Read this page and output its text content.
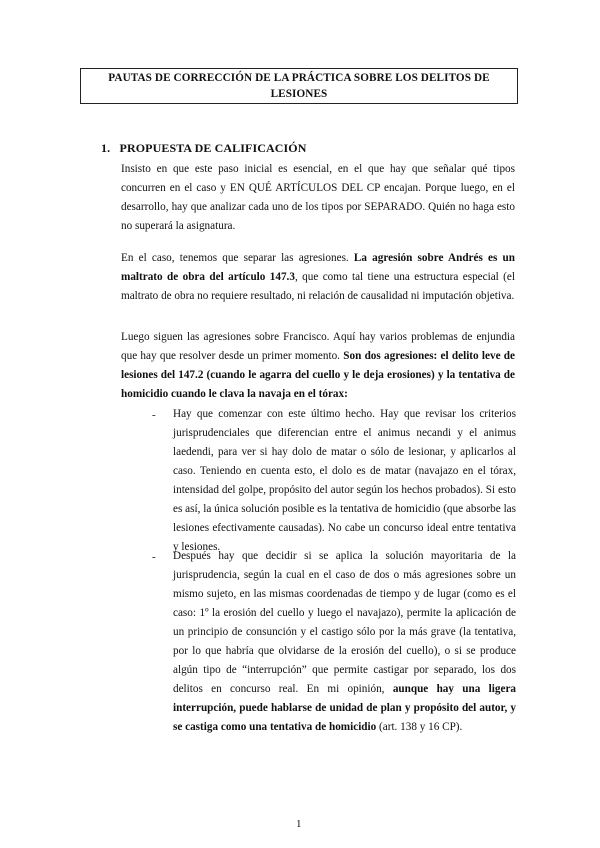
PAUTAS DE CORRECCIÓN DE LA PRÁCTICA SOBRE LOS DELITOS DE
LESIONES
1. PROPUESTA DE CALIFICACIÓN
Insisto en que este paso inicial es esencial, en el que hay que señalar qué tipos concurren en el caso y EN QUÉ ARTÍCULOS DEL CP encajan. Porque luego, en el desarrollo, hay que analizar cada uno de los tipos por SEPARADO. Quién no haga esto no superará la asignatura.
En el caso, tenemos que separar las agresiones. La agresión sobre Andrés es un maltrato de obra del artículo 147.3, que como tal tiene una estructura especial (el maltrato de obra no requiere resultado, ni relación de causalidad ni imputación objetiva.
Luego siguen las agresiones sobre Francisco. Aquí hay varios problemas de enjundia que hay que resolver desde un primer momento. Son dos agresiones: el delito leve de lesiones del 147.2 (cuando le agarra del cuello y le deja erosiones) y la tentativa de homicidio cuando le clava la navaja en el tórax:
- Hay que comenzar con este último hecho. Hay que revisar los criterios jurisprudenciales que diferencian entre el animus necandi y el animus laedendi, para ver si hay dolo de matar o sólo de lesionar, y aplicarlos al caso. Teniendo en cuenta esto, el dolo es de matar (navajazo en el tórax, intensidad del golpe, propósito del autor según los hechos probados). Si esto es así, la única solución posible es la tentativa de homicidio (que absorbe las lesiones efectivamente causadas). No cabe un concurso ideal entre tentativa y lesiones.
- Después hay que decidir si se aplica la solución mayoritaria de la jurisprudencia, según la cual en el caso de dos o más agresiones sobre un mismo sujeto, en las mismas coordenadas de tiempo y de lugar (como es el caso: 1º la erosión del cuello y luego el navajazo), permite la aplicación de un principio de consunción y el castigo sólo por la más grave (la tentativa, por lo que habría que olvidarse de la erosión del cuello), o si se produce algún tipo de “interrupción” que permite castigar por separado, los dos delitos en concurso real. En mi opinión, aunque hay una ligera interrupción, puede hablarse de unidad de plan y propósito del autor, y se castiga como una tentativa de homicidio (art. 138 y 16 CP).
1
